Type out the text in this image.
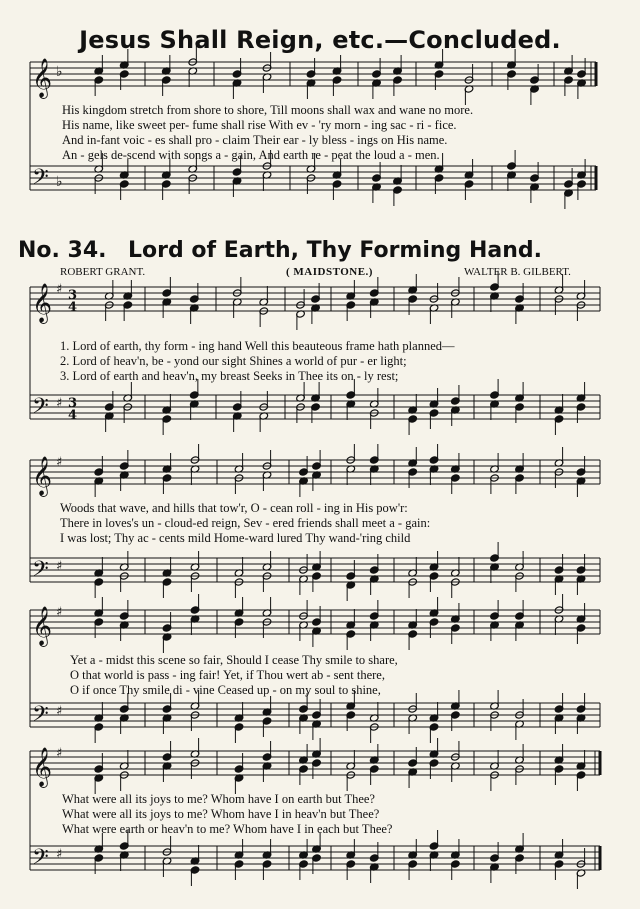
Jesus Shall Reign, etc.—Concluded.
No. 34. Lord of Earth, Thy Forming Hand.
ROBERT GRANT.	( MAIDSTONE.)	WALTER B. GILBERT.
𝄞 ♭
𝄢 ♭
𝄞 ♯ 3
4
𝄢 ♯ 3
4
𝄞 ♯
𝄢 ♯
𝄞 ♯
𝄢 ♯
𝄞 ♯
𝄢 ♯
His kingdom stretch from shore to shore, Till moons shall wax and wane no more.
His name, like sweet per- fume shall rise With ev - 'ry morn - ing sac - ri - fice.
And in-fant voic - es shall pro - claim Their ear - ly bless - ings on His name.
An - gels de-scend with songs a - gain, And earth re - peat the loud a - men.
1. Lord of earth, thy form - ing hand Well this beauteous frame hath planned—
2. Lord of heav'n, be - yond our sight Shines a world of pur - er light;
3. Lord of earth and heav'n, my breast Seeks in Thee its on - ly rest;
Woods that wave, and hills that tow'r, O - cean roll - ing in His pow'r:
There in loves's un - cloud-ed reign, Sev - ered friends shall meet a - gain:
I was lost; Thy ac - cents mild Home-ward lured Thy wand-'ring child
Yet a - midst this scene so fair, Should I cease Thy smile to share,
O that world is pass - ing fair! Yet, if Thou wert ab - sent there,
O if once Thy smile di - vine Ceased up - on my soul to shine,
What were all its joys to me? Whom have I on earth but Thee?
What were all its joys to me? Whom have I in heav'n but Thee?
What were earth or heav'n to me? Whom have I in each but Thee?
